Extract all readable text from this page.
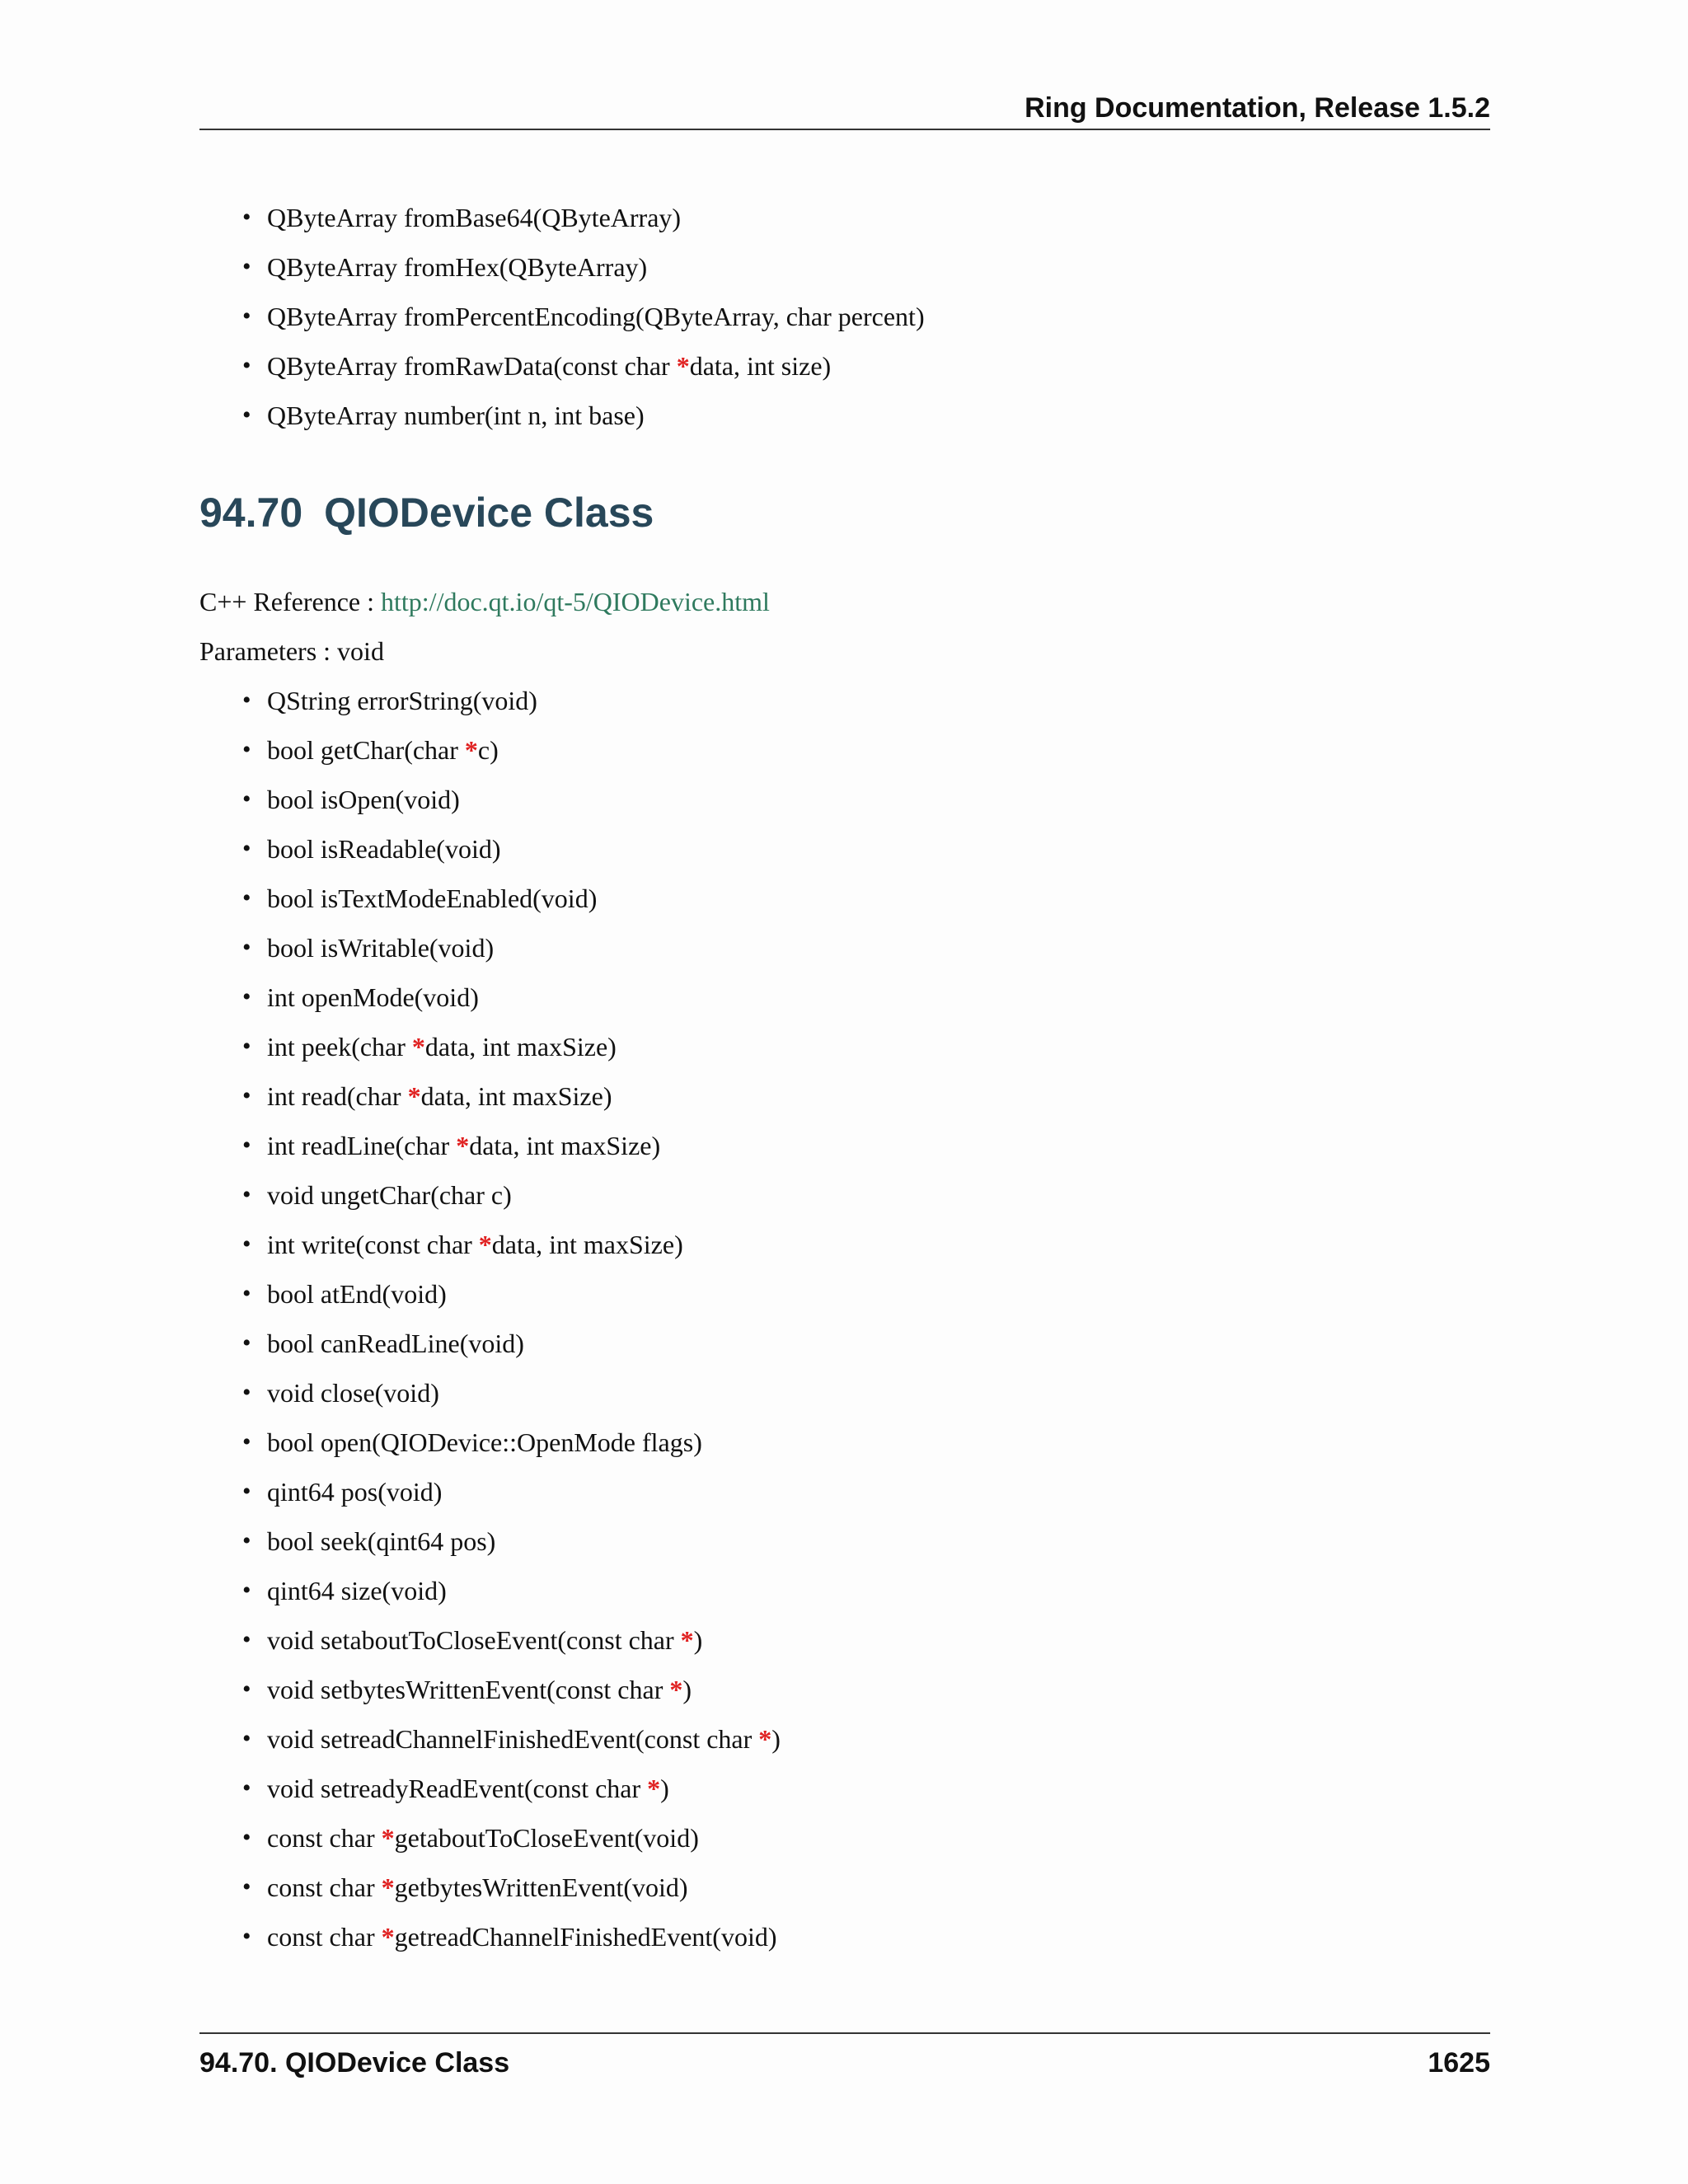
Ring Documentation, Release 1.5.2
• QByteArray fromBase64(QByteArray)
• QByteArray fromHex(QByteArray)
• QByteArray fromPercentEncoding(QByteArray, char percent)
• QByteArray fromRawData(const char *data, int size)
• QByteArray number(int n, int base)
94.70 QIODevice Class
C++ Reference : http://doc.qt.io/qt-5/QIODevice.html
Parameters : void
• QString errorString(void)
• bool getChar(char *c)
• bool isOpen(void)
• bool isReadable(void)
• bool isTextModeEnabled(void)
• bool isWritable(void)
• int openMode(void)
• int peek(char *data, int maxSize)
• int read(char *data, int maxSize)
• int readLine(char *data, int maxSize)
• void ungetChar(char c)
• int write(const char *data, int maxSize)
• bool atEnd(void)
• bool canReadLine(void)
• void close(void)
• bool open(QIODevice::OpenMode flags)
• qint64 pos(void)
• bool seek(qint64 pos)
• qint64 size(void)
• void setaboutToCloseEvent(const char *)
• void setbytesWrittenEvent(const char *)
• void setreadChannelFinishedEvent(const char *)
• void setreadyReadEvent(const char *)
• const char *getaboutToCloseEvent(void)
• const char *getbytesWrittenEvent(void)
• const char *getreadChannelFinishedEvent(void)
94.70. QIODevice Class	1625
